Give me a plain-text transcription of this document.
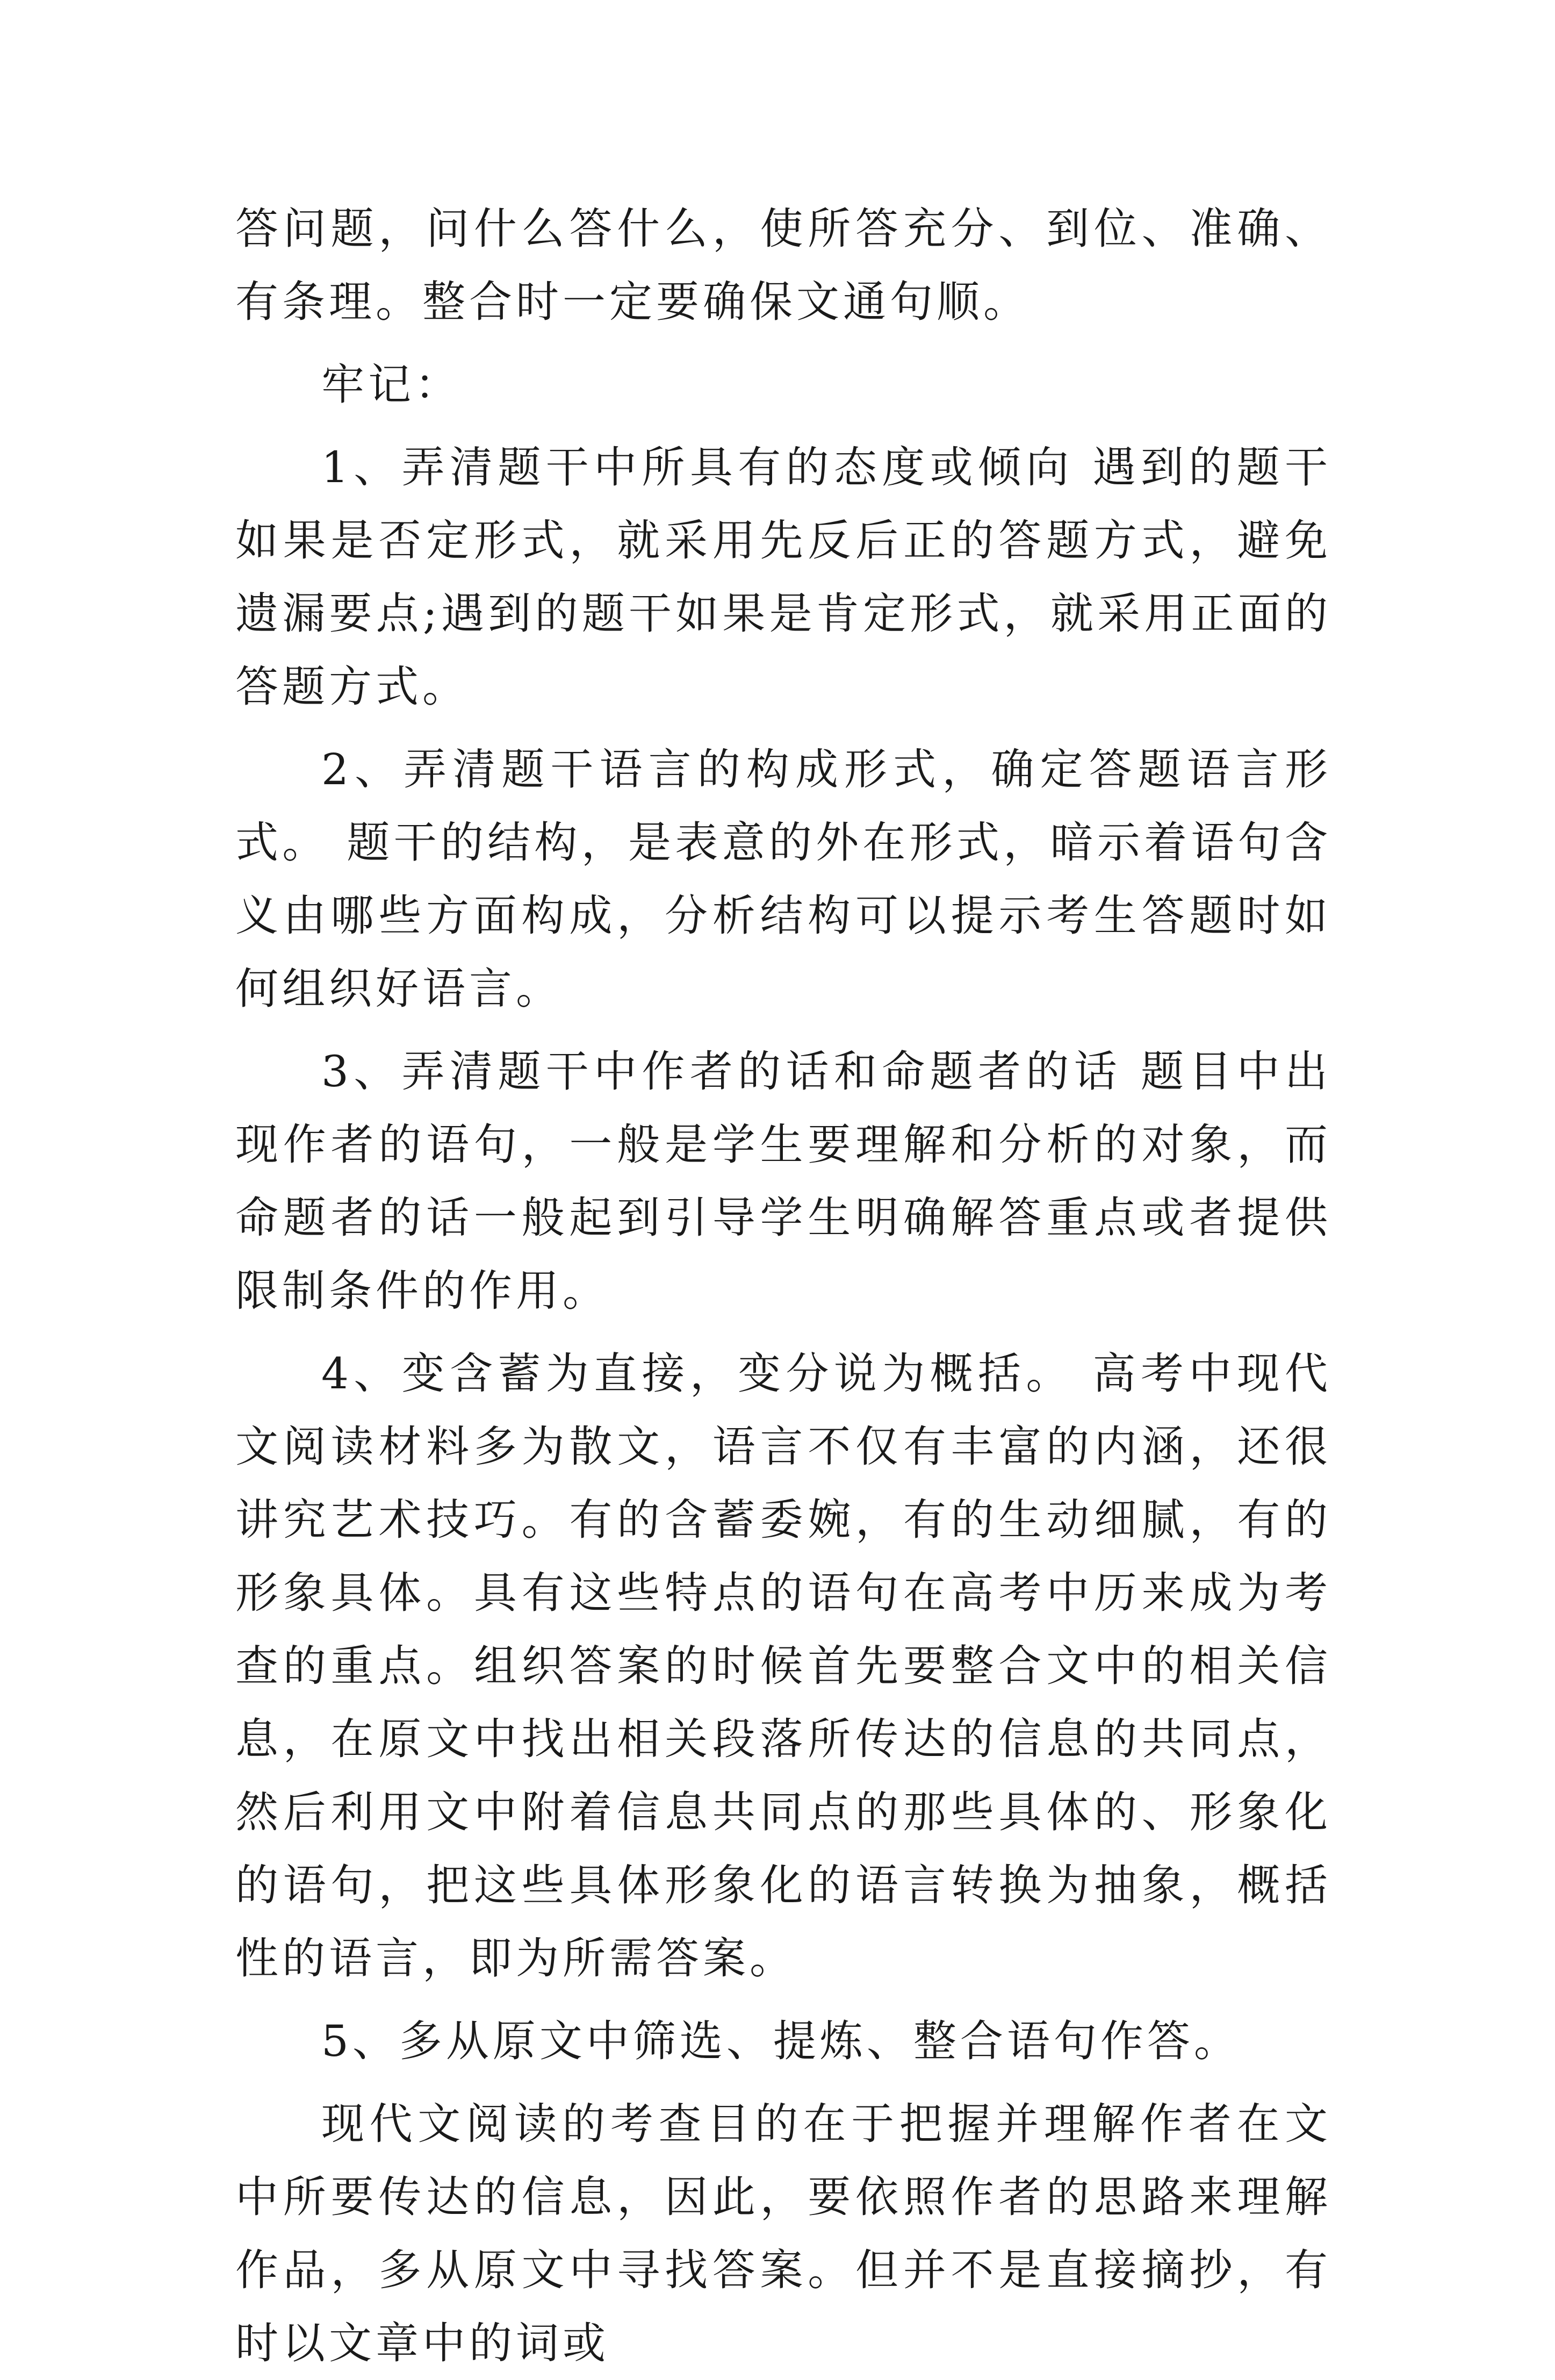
答问题，问什么答什么，使所答充分、到位、准确、有条理。整合时一定要确保文通句顺。

牢记：

1、弄清题干中所具有的态度或倾向 遇到的题干如果是否定形式，就采用先反后正的答题方式，避免遗漏要点;遇到的题干如果是肯定形式，就采用正面的答题方式。

2、弄清题干语言的构成形式，确定答题语言形式。 题干的结构，是表意的外在形式，暗示着语句含义由哪些方面构成，分析结构可以提示考生答题时如何组织好语言。

3、弄清题干中作者的话和命题者的话 题目中出现作者的语句，一般是学生要理解和分析的对象，而命题者的话一般起到引导学生明确解答重点或者提供限制条件的作用。

4、变含蓄为直接，变分说为概括。 高考中现代文阅读材料多为散文，语言不仅有丰富的内涵，还很讲究艺术技巧。有的含蓄委婉，有的生动细腻，有的形象具体。具有这些特点的语句在高考中历来成为考查的重点。组织答案的时候首先要整合文中的相关信息，在原文中找出相关段落所传达的信息的共同点，然后利用文中附着信息共同点的那些具体的、形象化的语句，把这些具体形象化的语言转换为抽象，概括性的语言，即为所需答案。

5、多从原文中筛选、提炼、整合语句作答。

现代文阅读的考查目的在于把握并理解作者在文中所要传达的信息，因此，要依照作者的思路来理解作品，多从原文中寻找答案。但并不是直接摘抄，有时以文章中的词或
